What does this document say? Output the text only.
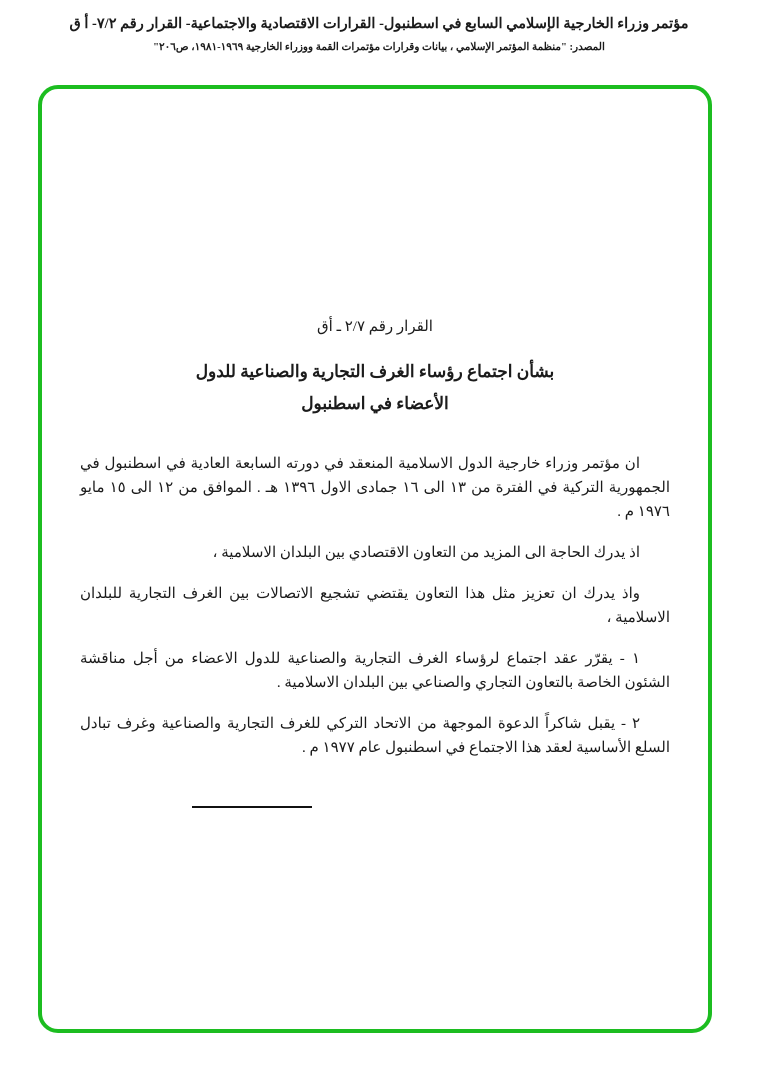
مؤتمر وزراء الخارجية الإسلامي السابع في اسطنبول- القرارات الاقتصادية والاجتماعية- القرار رقم ٧/٢- أ ق
المصدر: "منظمة المؤتمر الإسلامي ، بيانات وقرارات مؤتمرات القمة ووزراء الخارجية ١٩٦٩-١٩٨١، ص٢٠٦"

القرار رقم ٢/٧ ـ أق

بشأن اجتماع رؤساء الغرف التجارية والصناعية للدول
الأعضاء في اسطنبول

ان مؤتمر وزراء خارجية الدول الاسلامية المنعقد في دورته السابعة العادية في اسطنبول في الجمهورية التركية في الفترة من ١٣ الى ١٦ جمادى الاول ١٣٩٦ هـ . الموافق من ١٢ الى ١٥ مايو ١٩٧٦ م .

اذ يدرك الحاجة الى المزيد من التعاون الاقتصادي بين البلدان الاسلامية ،

واذ يدرك ان تعزيز مثل هذا التعاون يقتضي تشجيع الاتصالات بين الغرف التجارية للبلدان الاسلامية ،

١ - يقرّر عقد اجتماع لرؤساء الغرف التجارية والصناعية للدول الاعضاء من أجل مناقشة الشئون الخاصة بالتعاون التجاري والصناعي بين البلدان الاسلامية .

٢ - يقبل شاكراً الدعوة الموجهة من الاتحاد التركي للغرف التجارية والصناعية وغرف تبادل السلع الأساسية لعقد هذا الاجتماع في اسطنبول عام ١٩٧٧ م .
